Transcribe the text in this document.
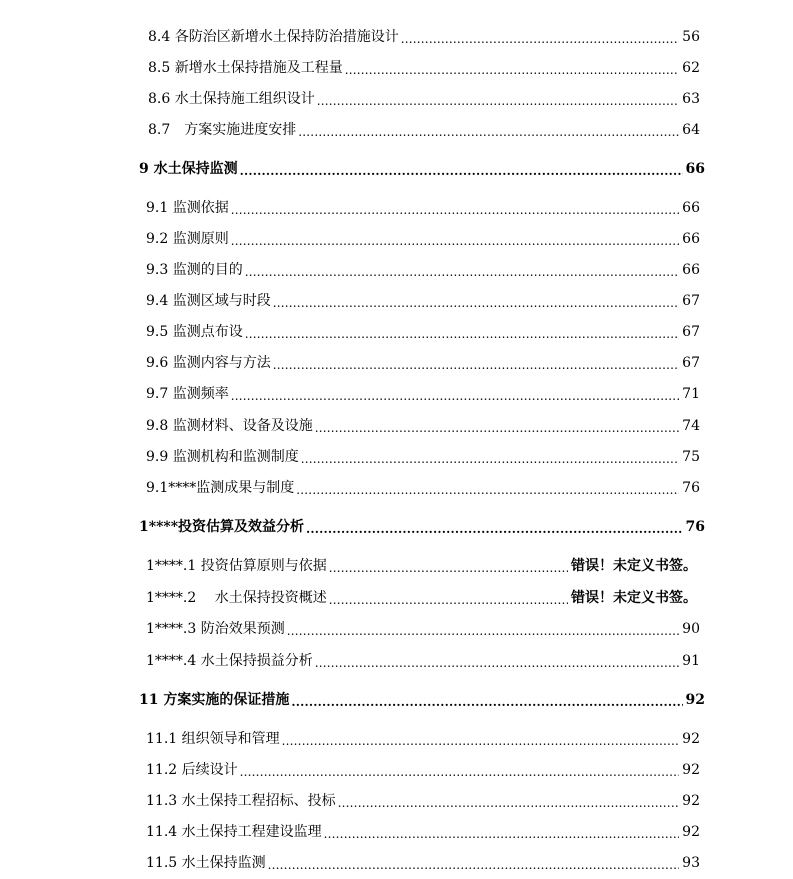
8.4 各防治区新增水土保持防治措施设计 .....	56
8.5 新增水土保持措施及工程量 .....	62
8.6 水土保持施工组织设计 .....	63
8.7　方案实施进度安排 .....	64
9 水土保持监测 .....	66
9.1 监测依据 .....	66
9.2 监测原则 .....	66
9.3 监测的目的 .....	66
9.4 监测区域与时段 .....	67
9.5 监测点布设 .....	67
9.6 监测内容与方法 .....	67
9.7 监测频率 .....	71
9.8 监测材料、设备及设施 .....	74
9.9 监测机构和监测制度 .....	75
9.1****监测成果与制度 .....	76
1****投资估算及效益分析 .....	76
1****.1 投资估算原则与依据 .....	错误！未定义书签。
1****.2　 水土保持投资概述 .....	错误！未定义书签。
1****.3 防治效果预测 .....	90
1****.4 水土保持损益分析 .....	91
11 方案实施的保证措施 .....	92
11.1 组织领导和管理 .....	92
11.2 后续设计 .....	92
11.3 水土保持工程招标、投标 .....	92
11.4 水土保持工程建设监理 .....	92
11.5 水土保持监测 .....	93
